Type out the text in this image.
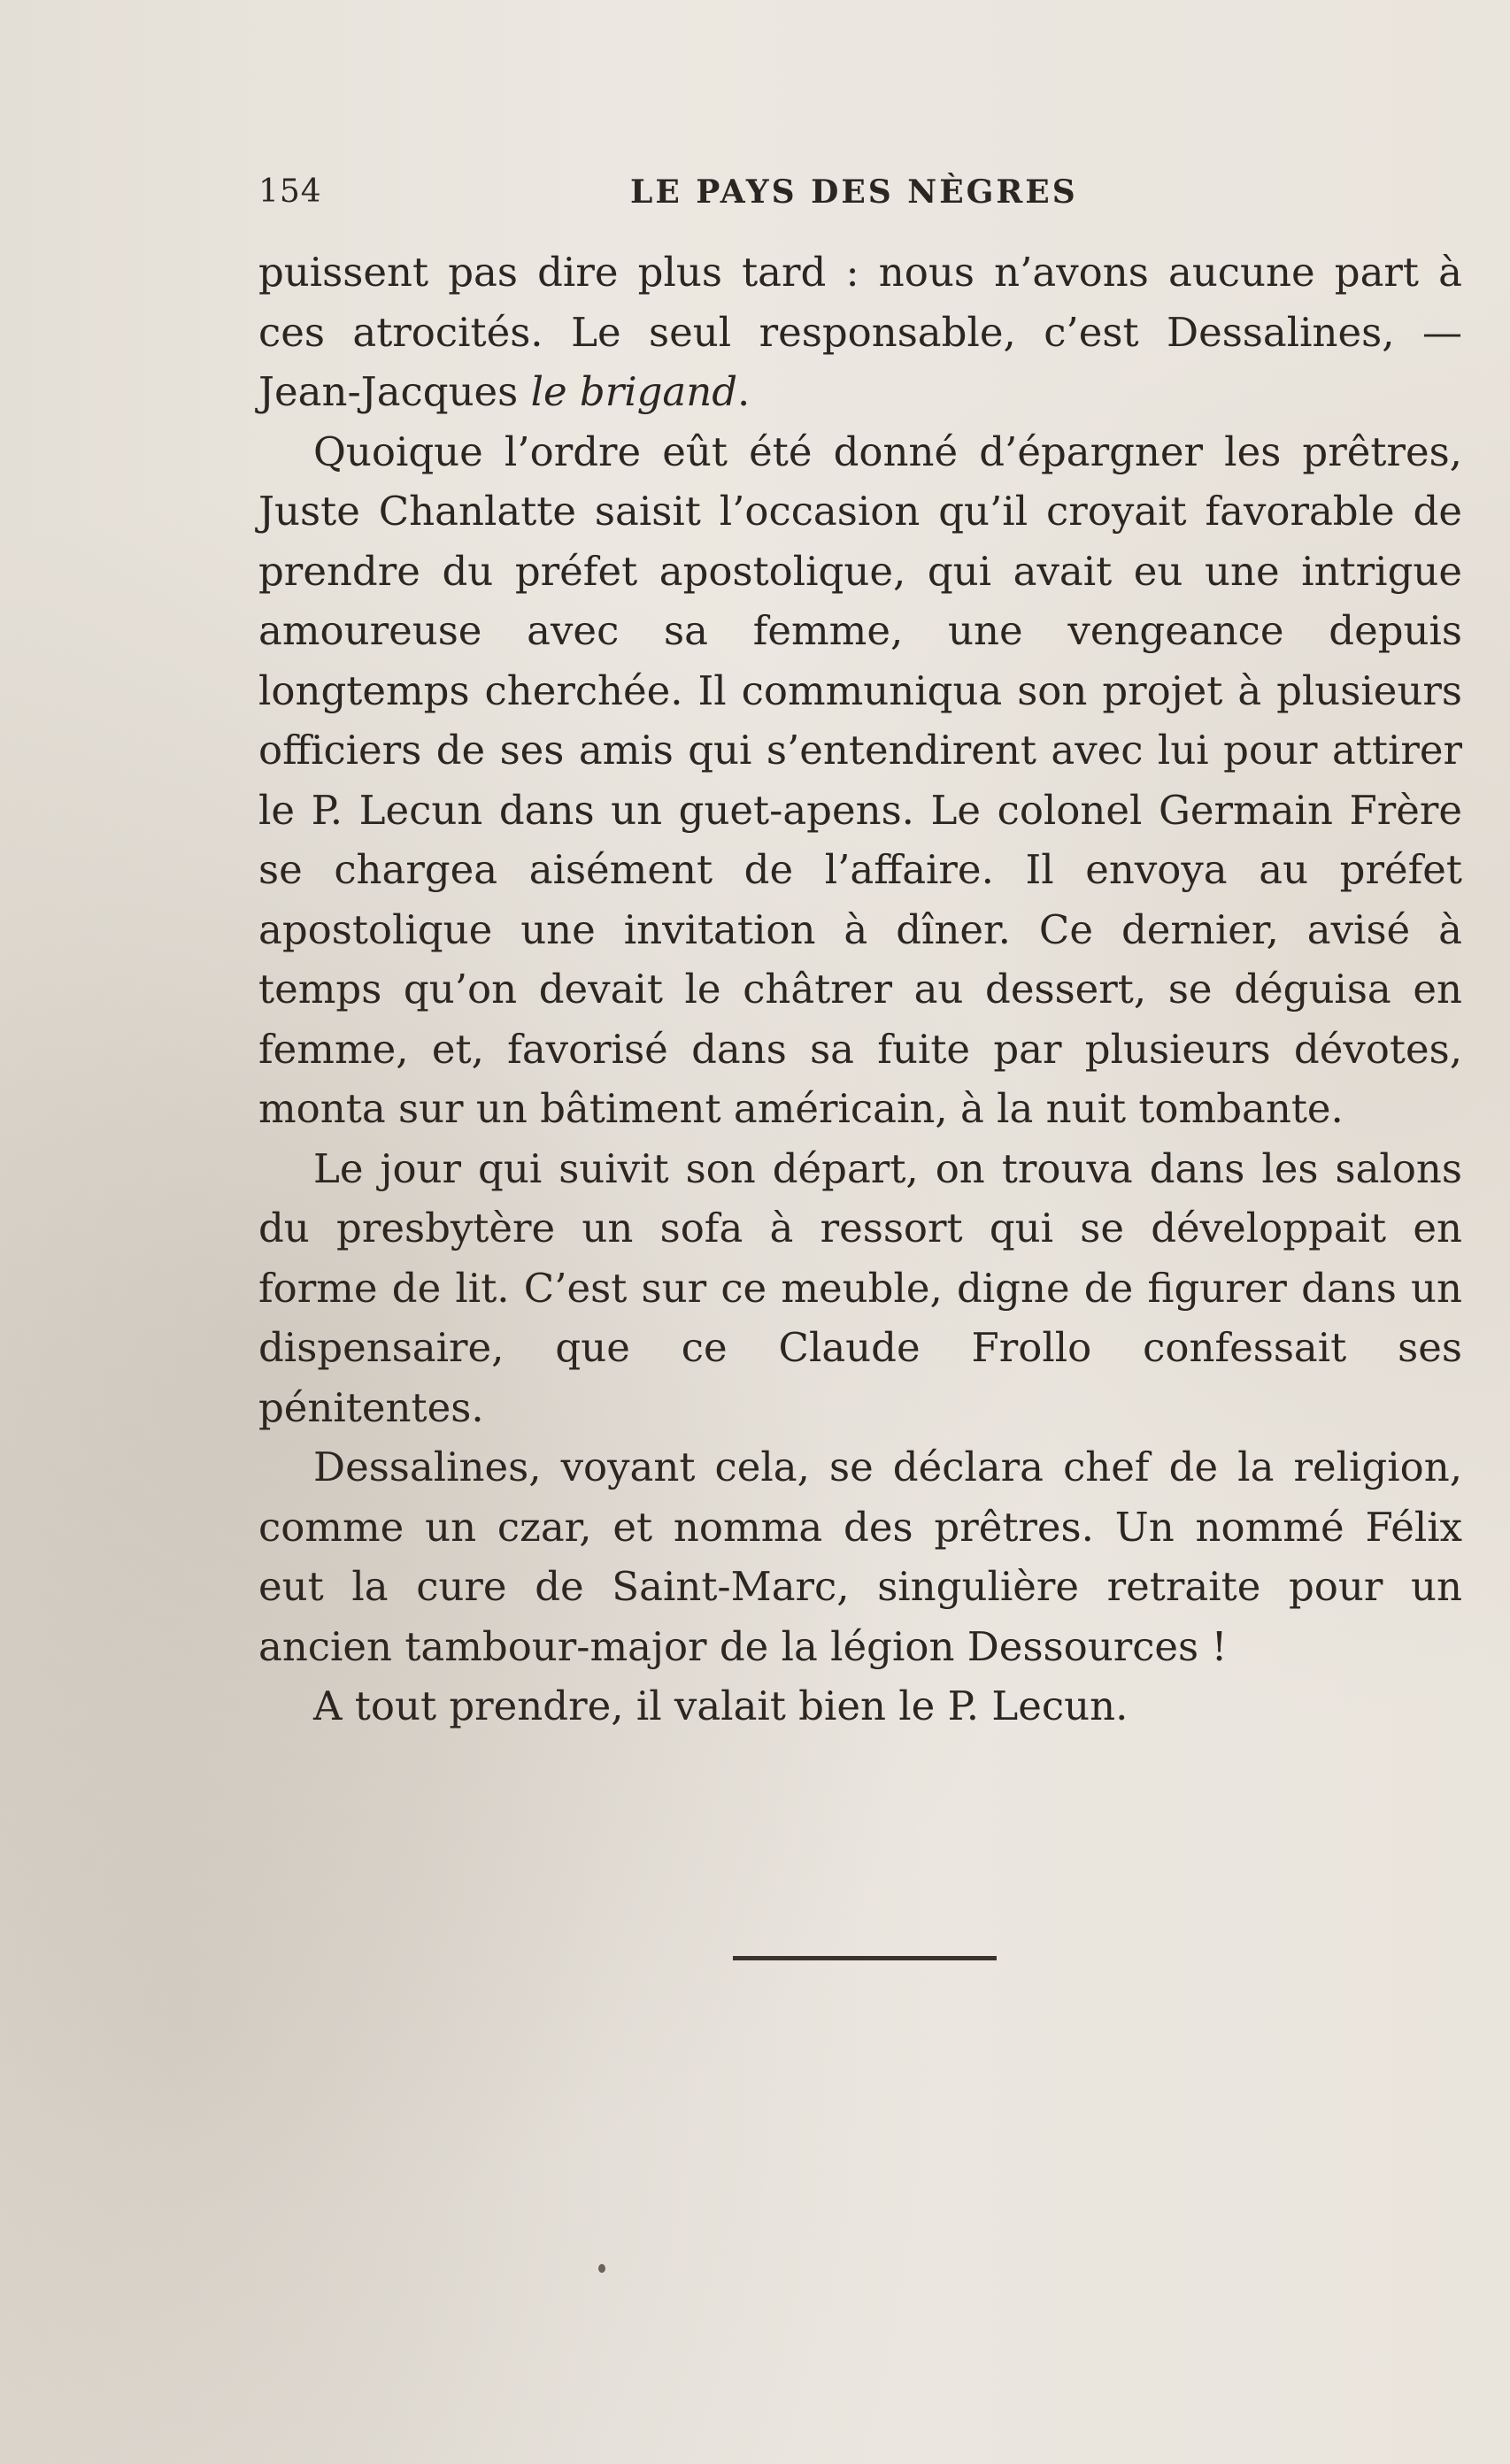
154	LE PAYS DES NÈGRES

puissent pas dire plus tard : nous n’avons aucune part à ces atrocités. Le seul responsable, c’est Dessalines, — Jean-Jacques le brigand.

Quoique l’ordre eût été donné d’épargner les prêtres, Juste Chanlatte saisit l’occasion qu’il croyait favorable de prendre du préfet apostolique, qui avait eu une intrigue amoureuse avec sa femme, une vengeance depuis longtemps cherchée. Il communiqua son projet à plusieurs officiers de ses amis qui s’entendirent avec lui pour attirer le P. Lecun dans un guet-apens. Le colonel Germain Frère se chargea aisément de l’affaire. Il envoya au préfet apostolique une invitation à dîner. Ce dernier, avisé à temps qu’on devait le châtrer au dessert, se déguisa en femme, et, favorisé dans sa fuite par plusieurs dévotes, monta sur un bâtiment américain, à la nuit tombante.

Le jour qui suivit son départ, on trouva dans les salons du presbytère un sofa à ressort qui se développait en forme de lit. C’est sur ce meuble, digne de figurer dans un dispensaire, que ce Claude Frollo confessait ses pénitentes.

Dessalines, voyant cela, se déclara chef de la religion, comme un czar, et nomma des prêtres. Un nommé Félix eut la cure de Saint-Marc, singulière retraite pour un ancien tambour-major de la légion Dessources !

A tout prendre, il valait bien le P. Lecun.
